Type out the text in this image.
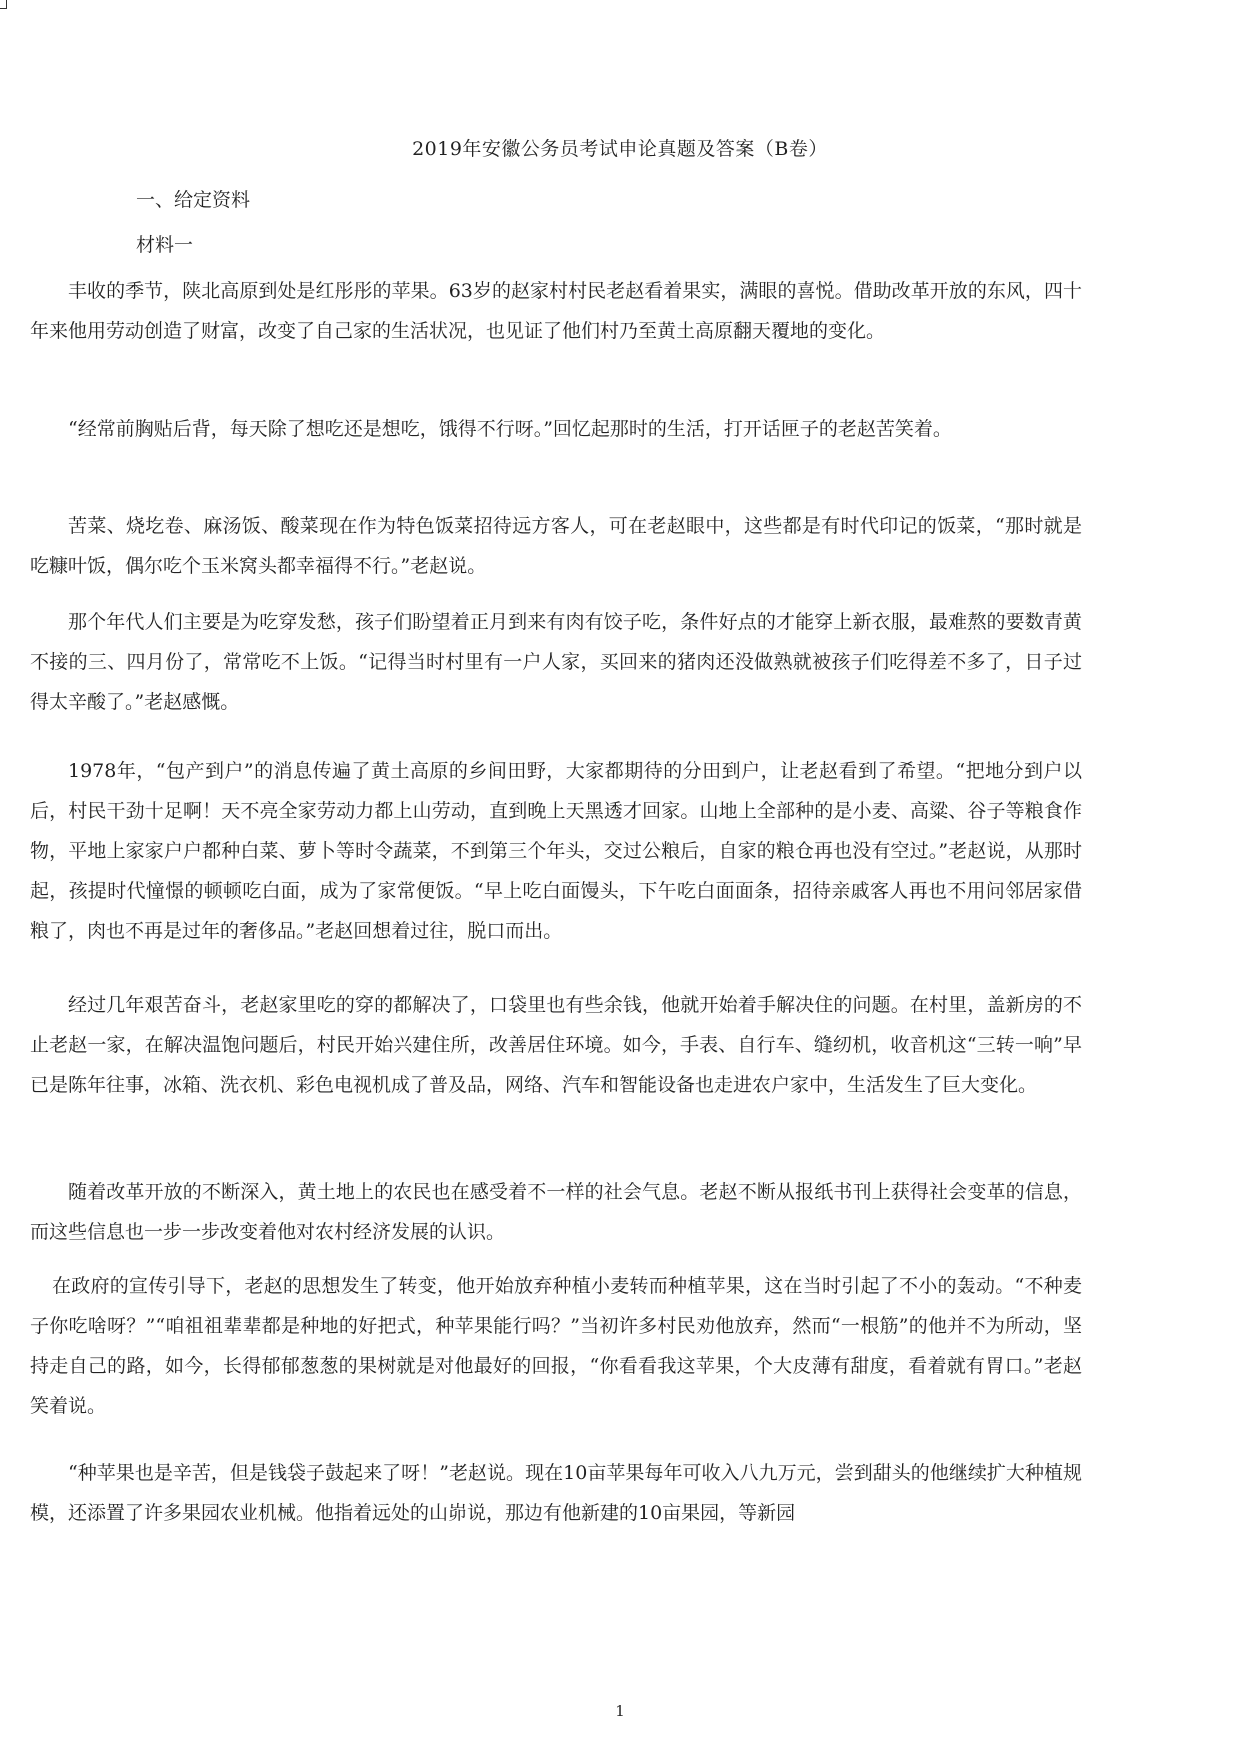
2019年安徽公务员考试申论真题及答案（B卷）
一、给定资料
材料一

丰收的季节，陕北高原到处是红彤彤的苹果。63岁的赵家村村民老赵看着果实，满眼的喜悦。借助改革开放的东风，四十年来他用劳动创造了财富，改变了自己家的生活状况，也见证了他们村乃至黄土高原翻天覆地的变化。

“经常前胸贴后背，每天除了想吃还是想吃，饿得不行呀。”回忆起那时的生活，打开话匣子的老赵苦笑着。

苦菜、烧圪卷、麻汤饭、酸菜现在作为特色饭菜招待远方客人，可在老赵眼中，这些都是有时代印记的饭菜，“那时就是吃糠叶饭，偶尔吃个玉米窝头都幸福得不行。”老赵说。

那个年代人们主要是为吃穿发愁，孩子们盼望着正月到来有肉有饺子吃，条件好点的才能穿上新衣服，最难熬的要数青黄不接的三、四月份了，常常吃不上饭。“记得当时村里有一户人家，买回来的猪肉还没做熟就被孩子们吃得差不多了，日子过得太辛酸了。”老赵感慨。

1978年，“包产到户”的消息传遍了黄土高原的乡间田野，大家都期待的分田到户，让老赵看到了希望。“把地分到户以后，村民干劲十足啊！天不亮全家劳动力都上山劳动，直到晚上天黑透才回家。山地上全部种的是小麦、高粱、谷子等粮食作物，平地上家家户户都种白菜、萝卜等时令蔬菜，不到第三个年头，交过公粮后，自家的粮仓再也没有空过。”老赵说，从那时起，孩提时代憧憬的顿顿吃白面，成为了家常便饭。“早上吃白面馒头，下午吃白面面条，招待亲戚客人再也不用问邻居家借粮了，肉也不再是过年的奢侈品。”老赵回想着过往，脱口而出。

经过几年艰苦奋斗，老赵家里吃的穿的都解决了，口袋里也有些余钱，他就开始着手解决住的问题。在村里，盖新房的不止老赵一家，在解决温饱问题后，村民开始兴建住所，改善居住环境。如今，手表、自行车、缝纫机，收音机这“三转一响”早已是陈年往事，冰箱、洗衣机、彩色电视机成了普及品，网络、汽车和智能设备也走进农户家中，生活发生了巨大变化。

随着改革开放的不断深入，黄土地上的农民也在感受着不一样的社会气息。老赵不断从报纸书刊上获得社会变革的信息，而这些信息也一步一步改变着他对农村经济发展的认识。

在政府的宣传引导下，老赵的思想发生了转变，他开始放弃种植小麦转而种植苹果，这在当时引起了不小的轰动。“不种麦子你吃啥呀？”“咱祖祖辈辈都是种地的好把式，种苹果能行吗？”当初许多村民劝他放弃，然而“一根筋”的他并不为所动，坚持走自己的路，如今，长得郁郁葱葱的果树就是对他最好的回报，“你看看我这苹果，个大皮薄有甜度，看着就有胃口。”老赵笑着说。

“种苹果也是辛苦，但是钱袋子鼓起来了呀！”老赵说。现在10亩苹果每年可收入八九万元，尝到甜头的他继续扩大种植规模，还添置了许多果园农业机械。他指着远处的山峁说，那边有他新建的10亩果园，等新园

1
